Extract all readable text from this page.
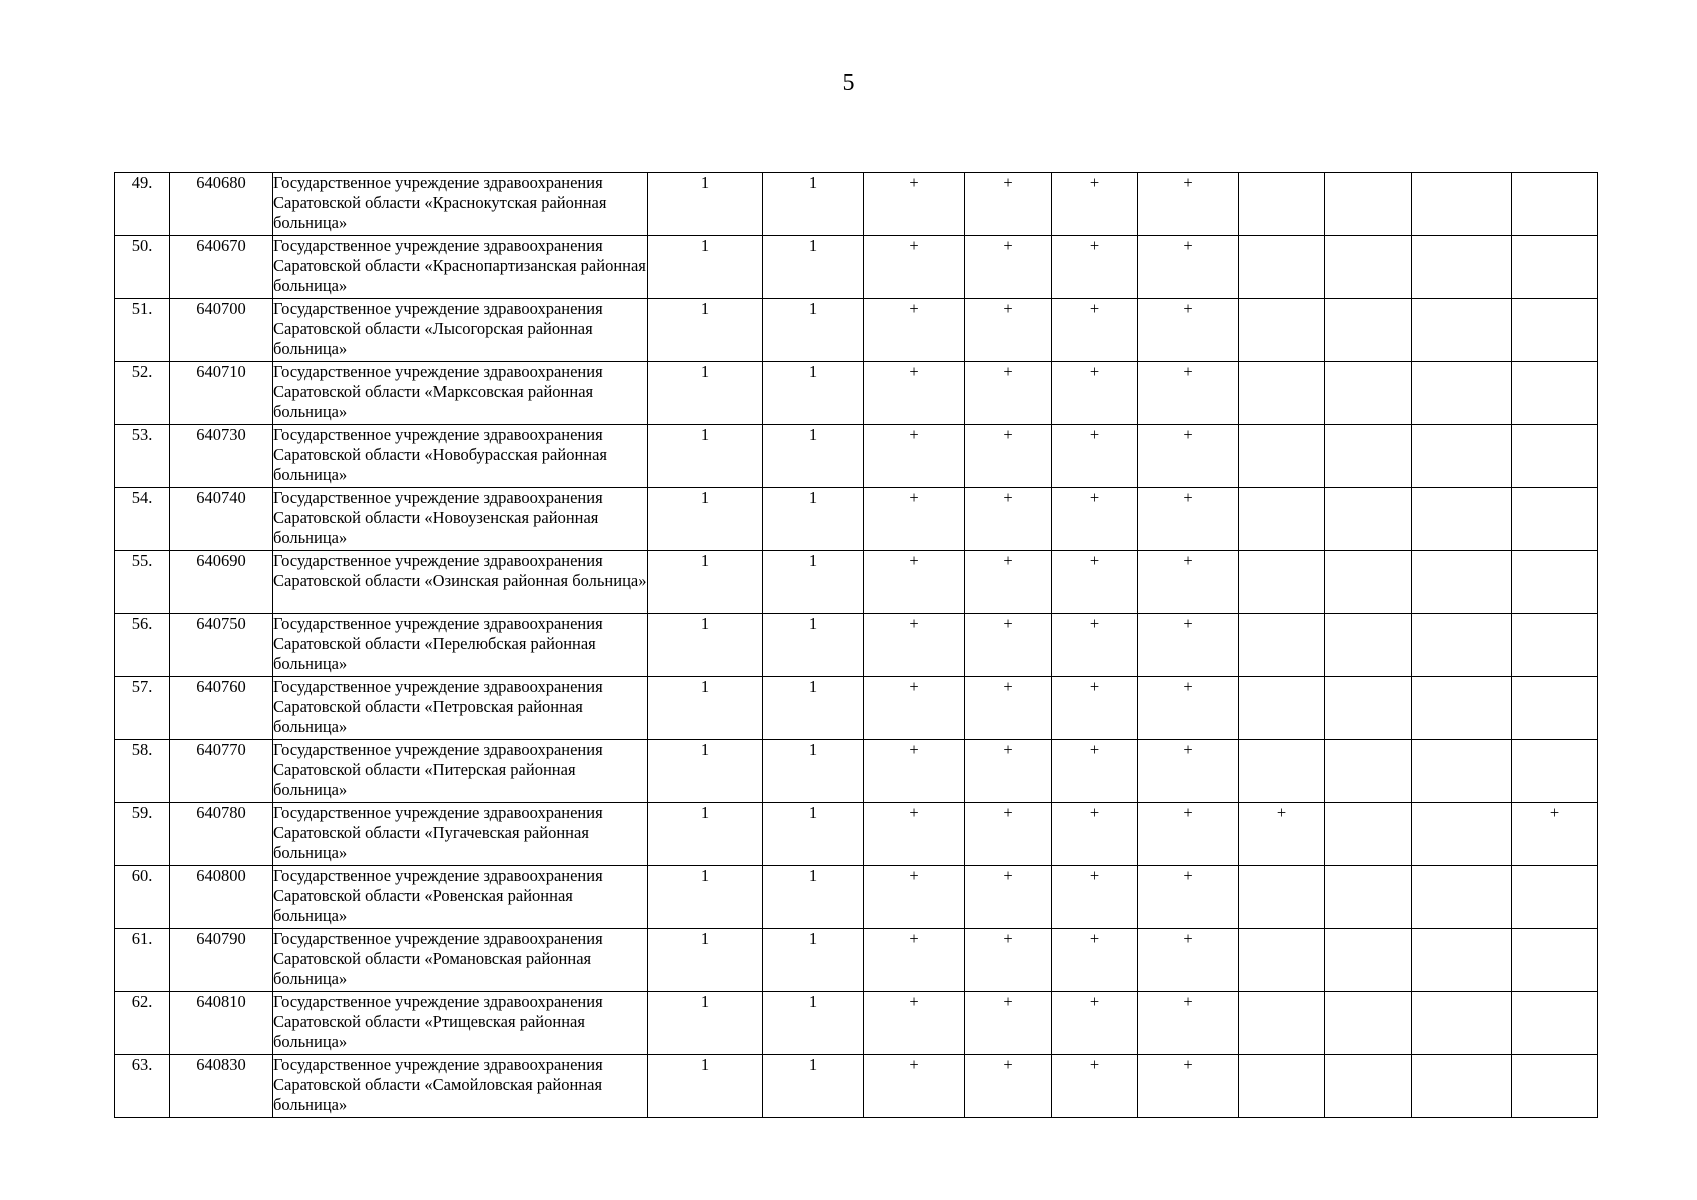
5
49.	640680	Государственное учреждение здравоохранения Саратовской области «Краснокутская районная больница»	1	1	+	+	+	+				
50.	640670	Государственное учреждение здравоохранения Саратовской области «Краснопартизанская районная больница»	1	1	+	+	+	+				
51.	640700	Государственное учреждение здравоохранения Саратовской области «Лысогорская районная больница»	1	1	+	+	+	+				
52.	640710	Государственное учреждение здравоохранения Саратовской области «Марксовская районная больница»	1	1	+	+	+	+				
53.	640730	Государственное учреждение здравоохранения Саратовской области «Новобурасская районная больница»	1	1	+	+	+	+				
54.	640740	Государственное учреждение здравоохранения Саратовской области «Новоузенская районная больница»	1	1	+	+	+	+				
55.	640690	Государственное учреждение здравоохранения Саратовской области «Озинская районная больница»	1	1	+	+	+	+				
56.	640750	Государственное учреждение здравоохранения Саратовской области «Перелюбская районная больница»	1	1	+	+	+	+				
57.	640760	Государственное учреждение здравоохранения Саратовской области «Петровская районная больница»	1	1	+	+	+	+				
58.	640770	Государственное учреждение здравоохранения Саратовской области «Питерская районная больница»	1	1	+	+	+	+				
59.	640780	Государственное учреждение здравоохранения Саратовской области «Пугачевская районная больница»	1	1	+	+	+	+	+			+
60.	640800	Государственное учреждение здравоохранения Саратовской области «Ровенская районная больница»	1	1	+	+	+	+				
61.	640790	Государственное учреждение здравоохранения Саратовской области «Романовская районная больница»	1	1	+	+	+	+				
62.	640810	Государственное учреждение здравоохранения Саратовской области «Ртищевская районная больница»	1	1	+	+	+	+				
63.	640830	Государственное учреждение здравоохранения Саратовской области «Самойловская районная больница»	1	1	+	+	+	+				
